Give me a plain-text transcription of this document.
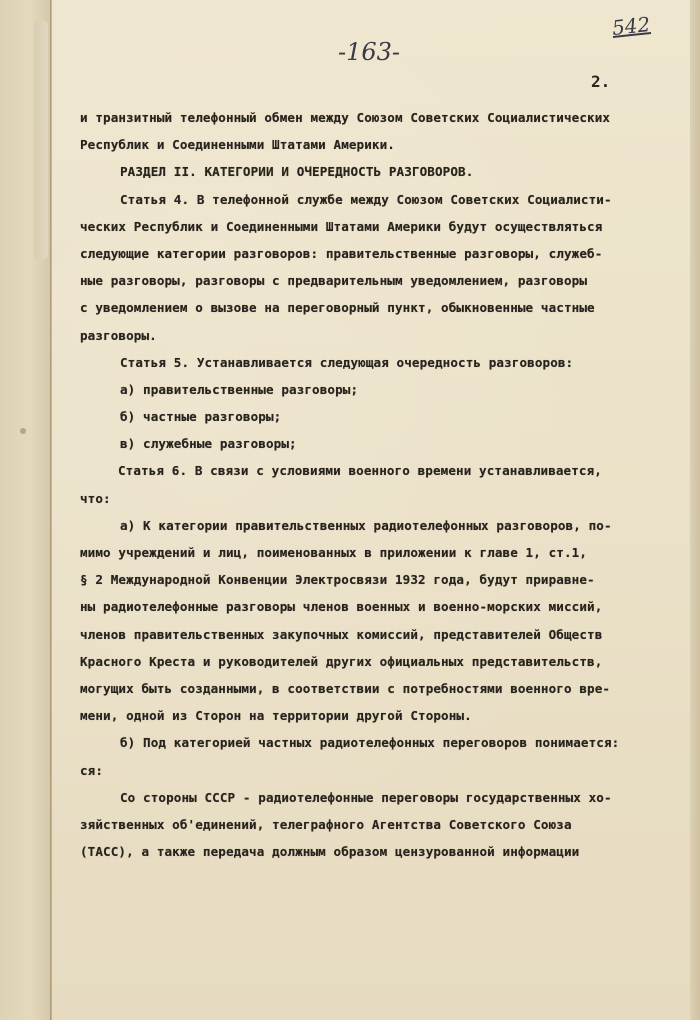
542
-163-
2.
и транзитный телефонный обмен между Союзом Советских Социалистических
Республик и Соединенными Штатами Америки.
РАЗДЕЛ II. КАТЕГОРИИ И ОЧЕРЕДНОСТЬ РАЗГОВОРОВ.
Статья 4. В телефонной службе между Союзом Советских Социалисти-
ческих Республик и Соединенными Штатами Америки будут осуществляться
следующие категории разговоров: правительственные разговоры, служеб-
ные разговоры, разговоры с предварительным уведомлением, разговоры
с уведомлением о вызове на переговорный пункт, обыкновенные частные
разговоры.
Статья 5. Устанавливается следующая очередность разговоров:
а) правительственные разговоры;
б) частные разговоры;
в) служебные разговоры;
Статья 6. В связи с условиями военного времени устанавливается,
что:
а) К категории правительственных радиотелефонных разговоров, по-
мимо учреждений и лиц, поименованных в приложении к главе 1, ст.1,
§ 2 Международной Конвенции Электросвязи 1932 года, будут приравне-
ны радиотелефонные разговоры членов военных и военно-морских миссий,
членов правительственных закупочных комиссий, представителей Обществ
Красного Креста и руководителей других официальных представительств,
могущих быть созданными, в соответствии с потребностями военного вре-
мени, одной из Сторон на территории другой Стороны.
б) Под категорией частных радиотелефонных переговоров понимается:
ся:
Со стороны СССР - радиотелефонные переговоры государственных хо-
зяйственных об'единений, телеграфного Агентства Советского Союза
(ТАСС), а также передача должным образом цензурованной информации
